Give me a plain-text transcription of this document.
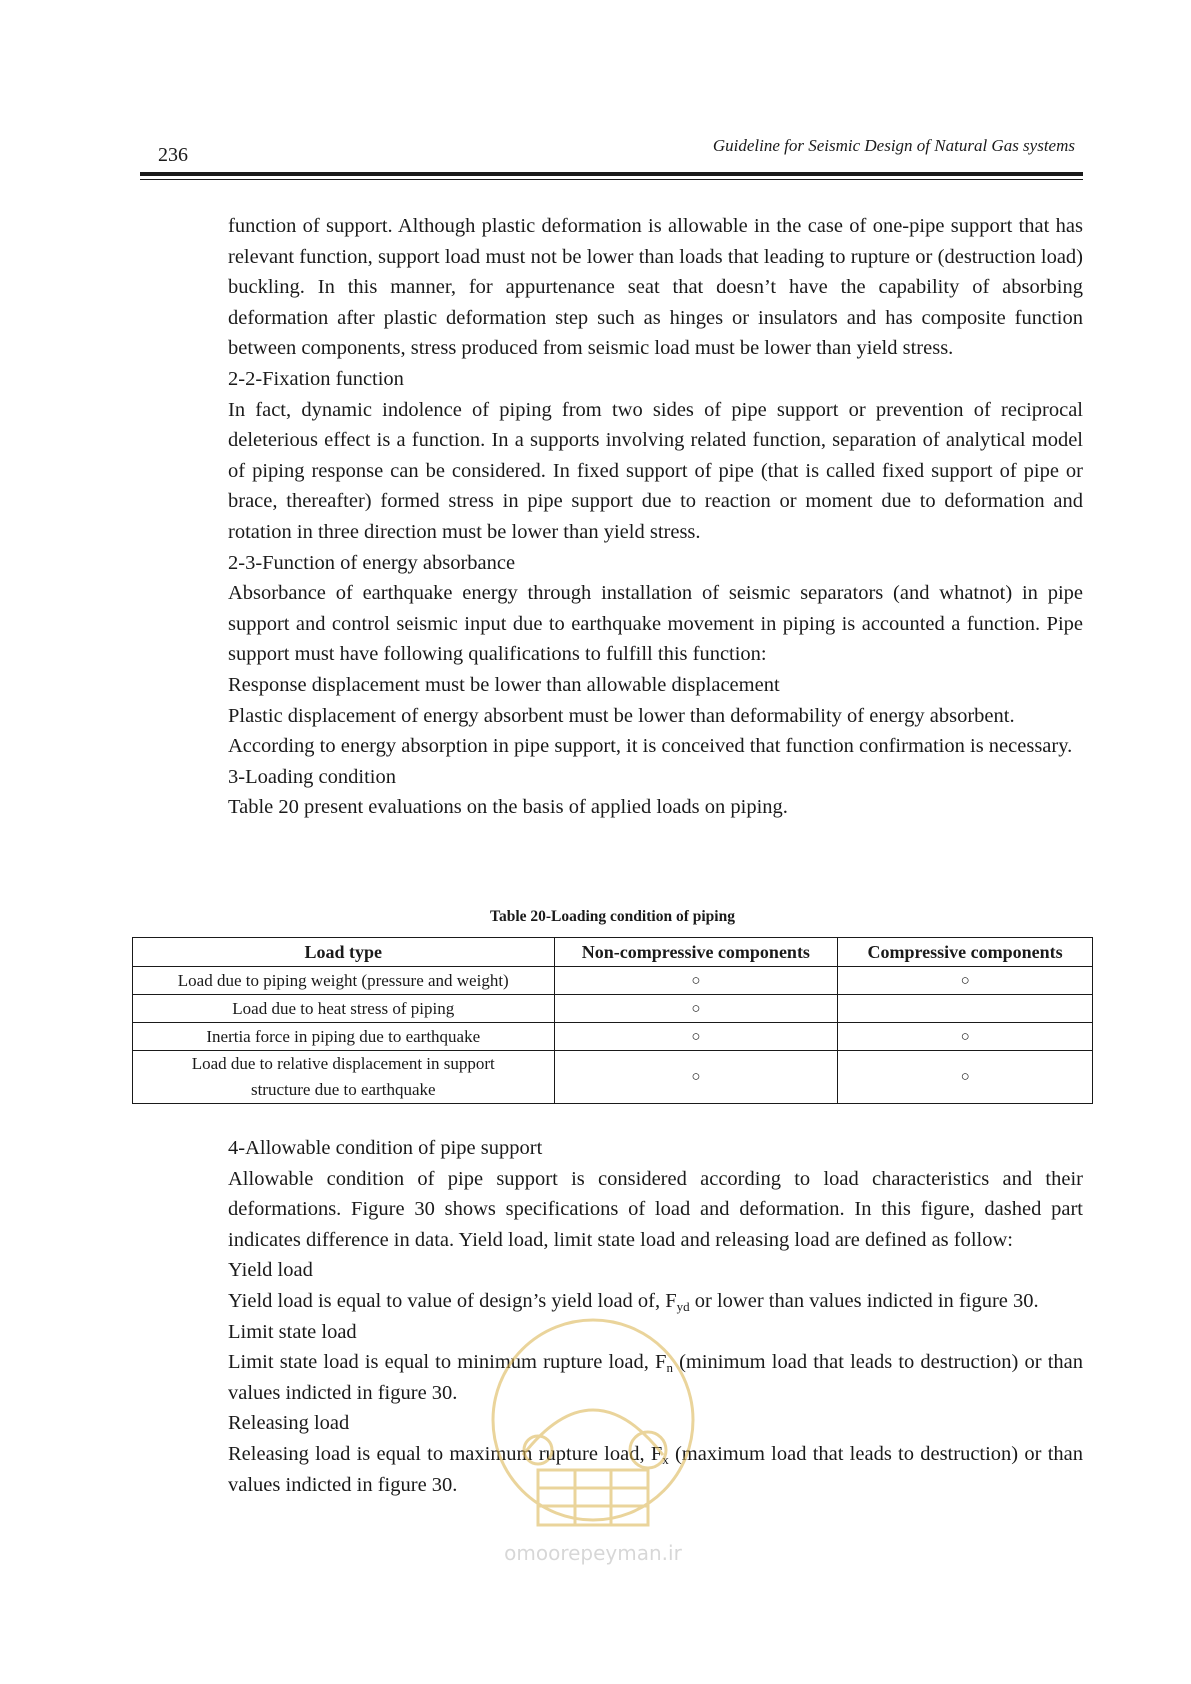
236	Guideline for Seismic Design of Natural Gas systems

function of support. Although plastic deformation is allowable in the case of one-pipe support that has relevant function, support load must not be lower than loads that leading to rupture or (destruction load) buckling. In this manner, for appurtenance seat that doesn’t have the capability of absorbing deformation after plastic deformation step such as hinges or insulators and has composite function between components, stress produced from seismic load must be lower than yield stress.

2-2-Fixation function

In fact, dynamic indolence of piping from two sides of pipe support or prevention of reciprocal deleterious effect is a function. In a supports involving related function, separation of analytical model of piping response can be considered. In fixed support of pipe (that is called fixed support of pipe or brace, thereafter) formed stress in pipe support due to reaction or moment due to deformation and rotation in three direction must be lower than yield stress.

2-3-Function of energy absorbance

Absorbance of earthquake energy through installation of seismic separators (and whatnot) in pipe support and control seismic input due to earthquake movement in piping is accounted a function. Pipe support must have following qualifications to fulfill this function:

Response displacement must be lower than allowable displacement

Plastic displacement of energy absorbent must be lower than deformability of energy absorbent.

According to energy absorption in pipe support, it is conceived that function confirmation is necessary.

3-Loading condition

Table 20 present evaluations on the basis of applied loads on piping.

Table 20-Loading condition of piping
Load type	Non-compressive components	Compressive components
Load due to piping weight (pressure and weight)	○	○
Load due to heat stress of piping	○	
Inertia force in piping due to earthquake	○	○

Load due to relative displacement in support
structure due to earthquake	○	○

4-Allowable condition of pipe support

Allowable condition of pipe support is considered according to load characteristics and their deformations. Figure 30 shows specifications of load and deformation. In this figure, dashed part indicates difference in data. Yield load, limit state load and releasing load are defined as follow:

Yield load

Yield load is equal to value of design’s yield load of, $F_{yd}$ or lower than values indicted in figure 30.

Limit state load

Limit state load is equal to minimum rupture load, $F_n$ (minimum load that leads to destruction) or than values indicted in figure 30.

Releasing load

Releasing load is equal to maximum rupture load, $F_x$ (maximum load that leads to destruction) or than values indicted in figure 30.

omoorepeyman.ir
